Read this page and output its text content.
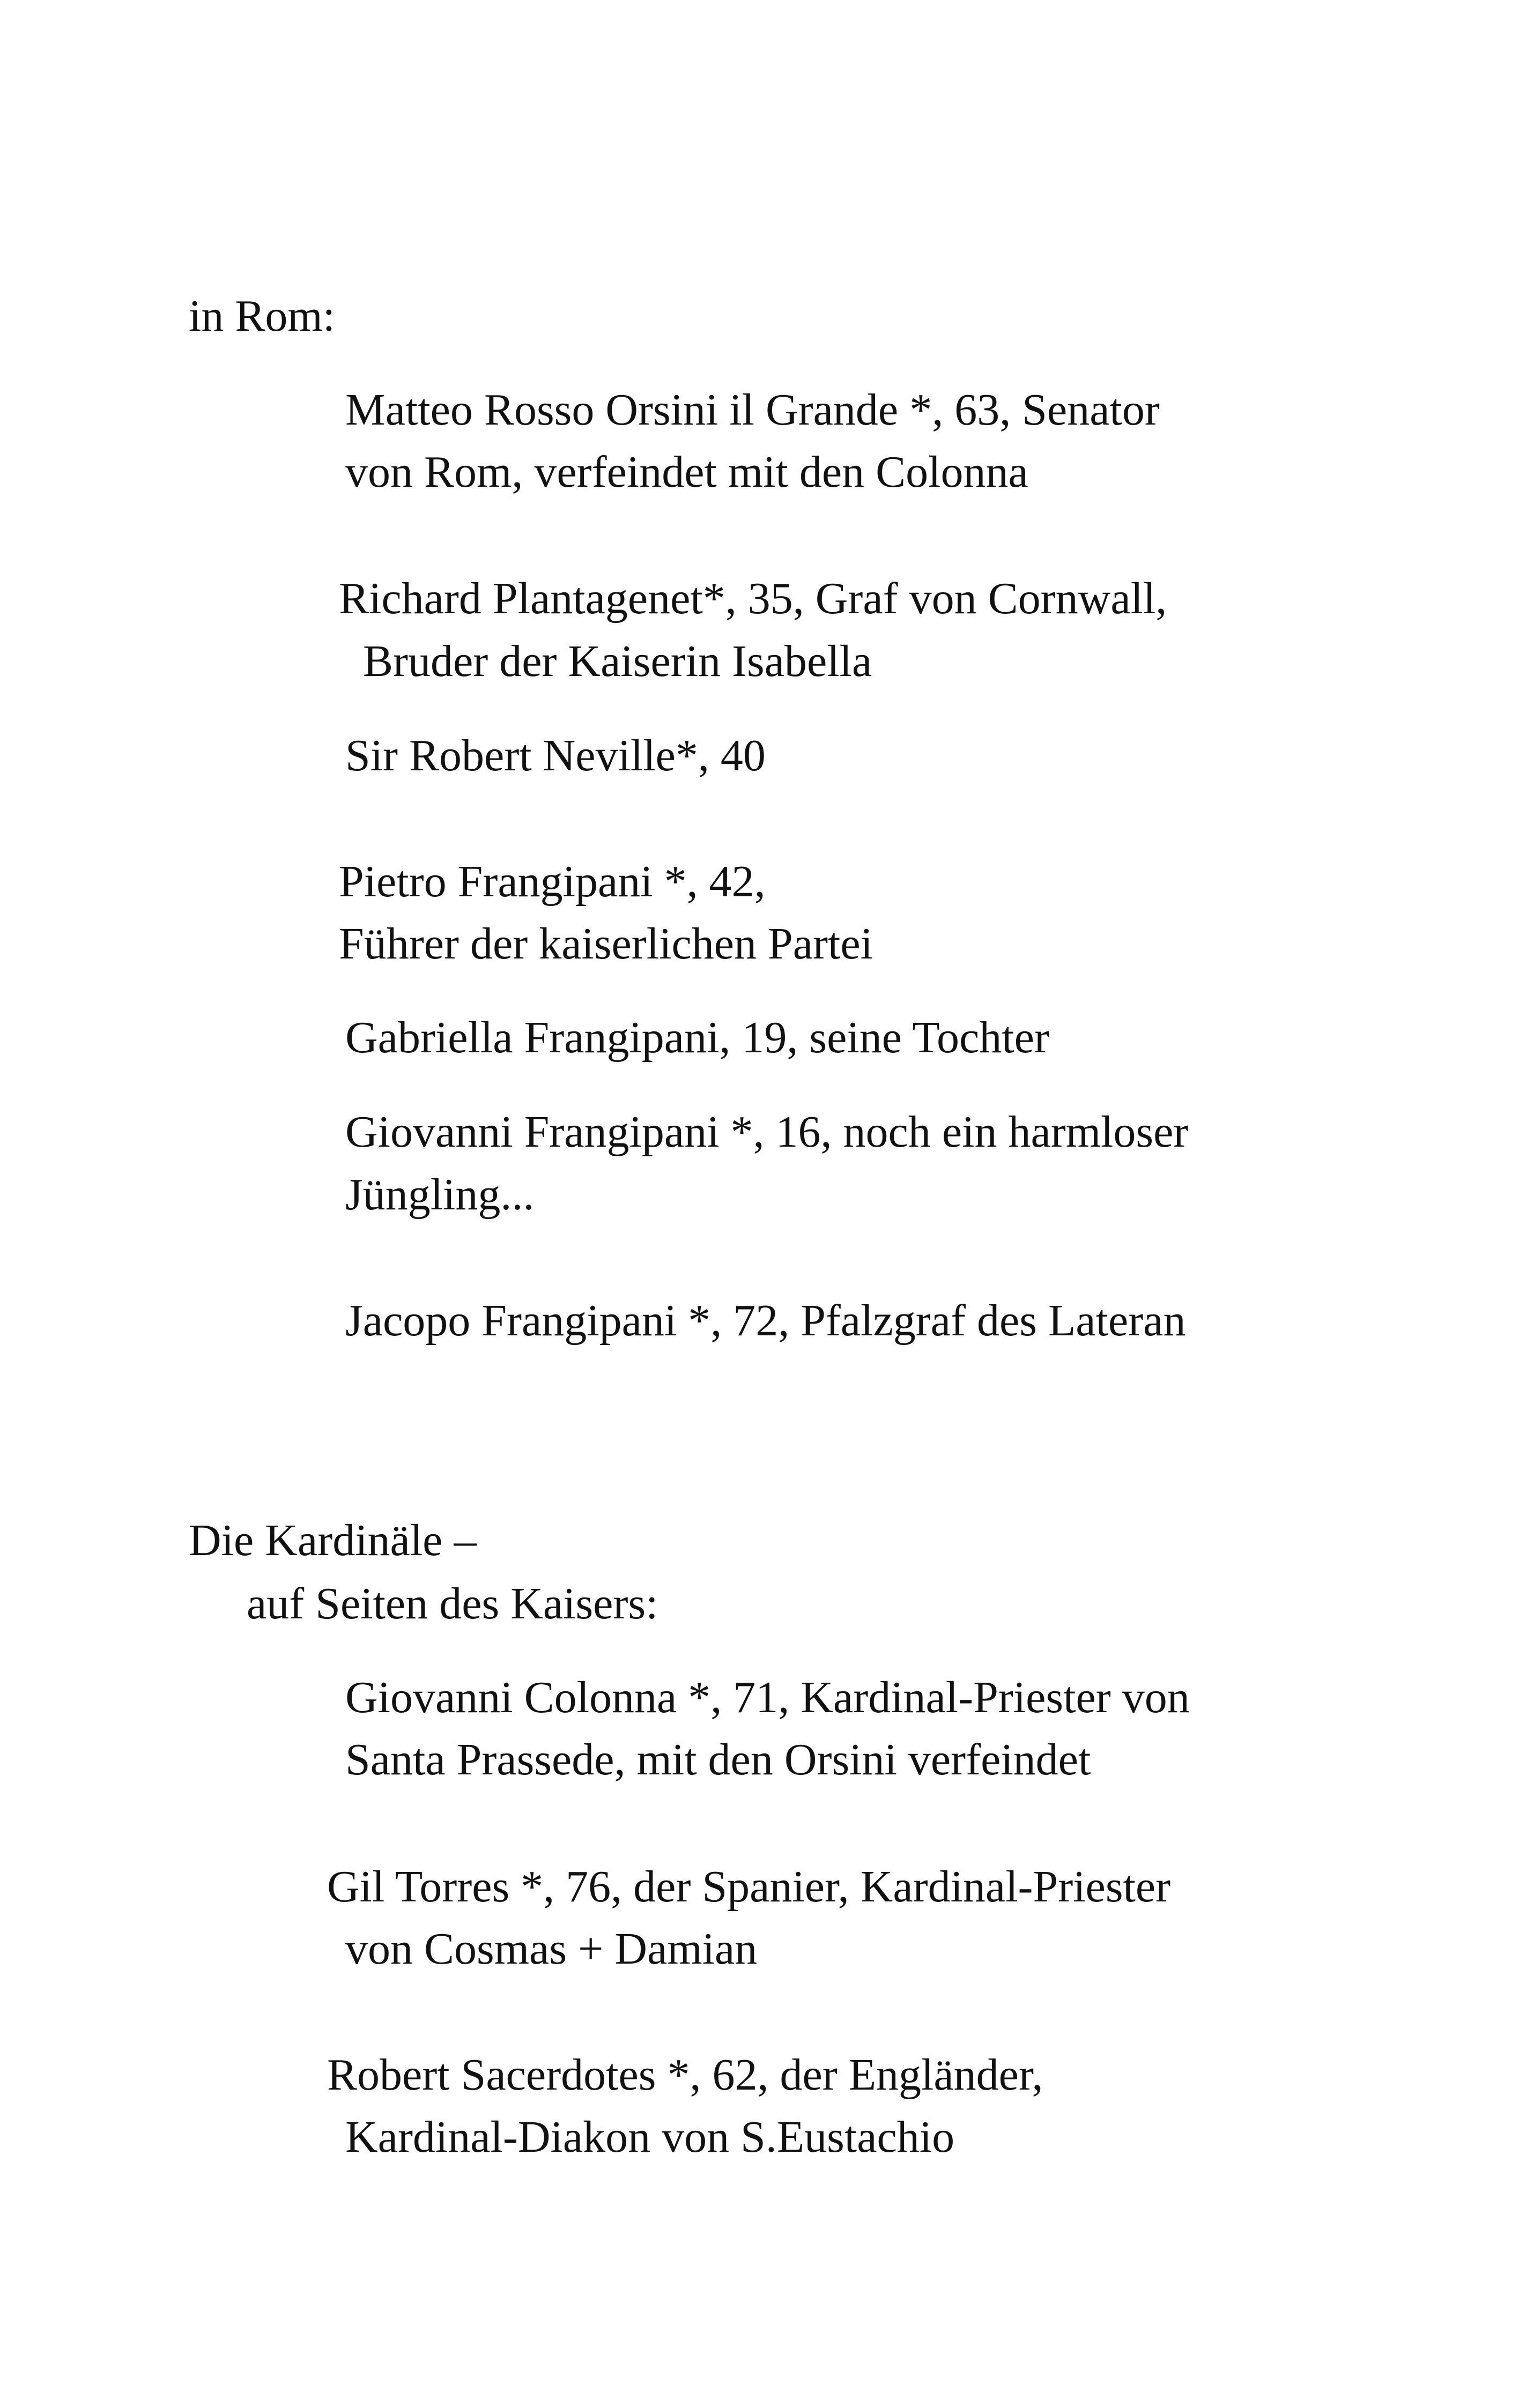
in Rom:
Matteo Rosso Orsini il Grande *, 63, Senator
von Rom, verfeindet mit den Colonna
Richard Plantagenet*, 35, Graf von Cornwall,
Bruder der Kaiserin Isabella
Sir Robert Neville*, 40
Pietro Frangipani *, 42,
Führer der kaiserlichen Partei
Gabriella Frangipani, 19, seine Tochter
Giovanni Frangipani *, 16, noch ein harmloser
Jüngling...
Jacopo Frangipani *, 72, Pfalzgraf des Lateran
Die Kardinäle –
auf Seiten des Kaisers:
Giovanni Colonna *, 71, Kardinal-Priester von
Santa Prassede, mit den Orsini verfeindet
Gil Torres *, 76, der Spanier, Kardinal-Priester
von Cosmas + Damian
Robert Sacerdotes *, 62, der Engländer,
Kardinal-Diakon von S.Eustachio
